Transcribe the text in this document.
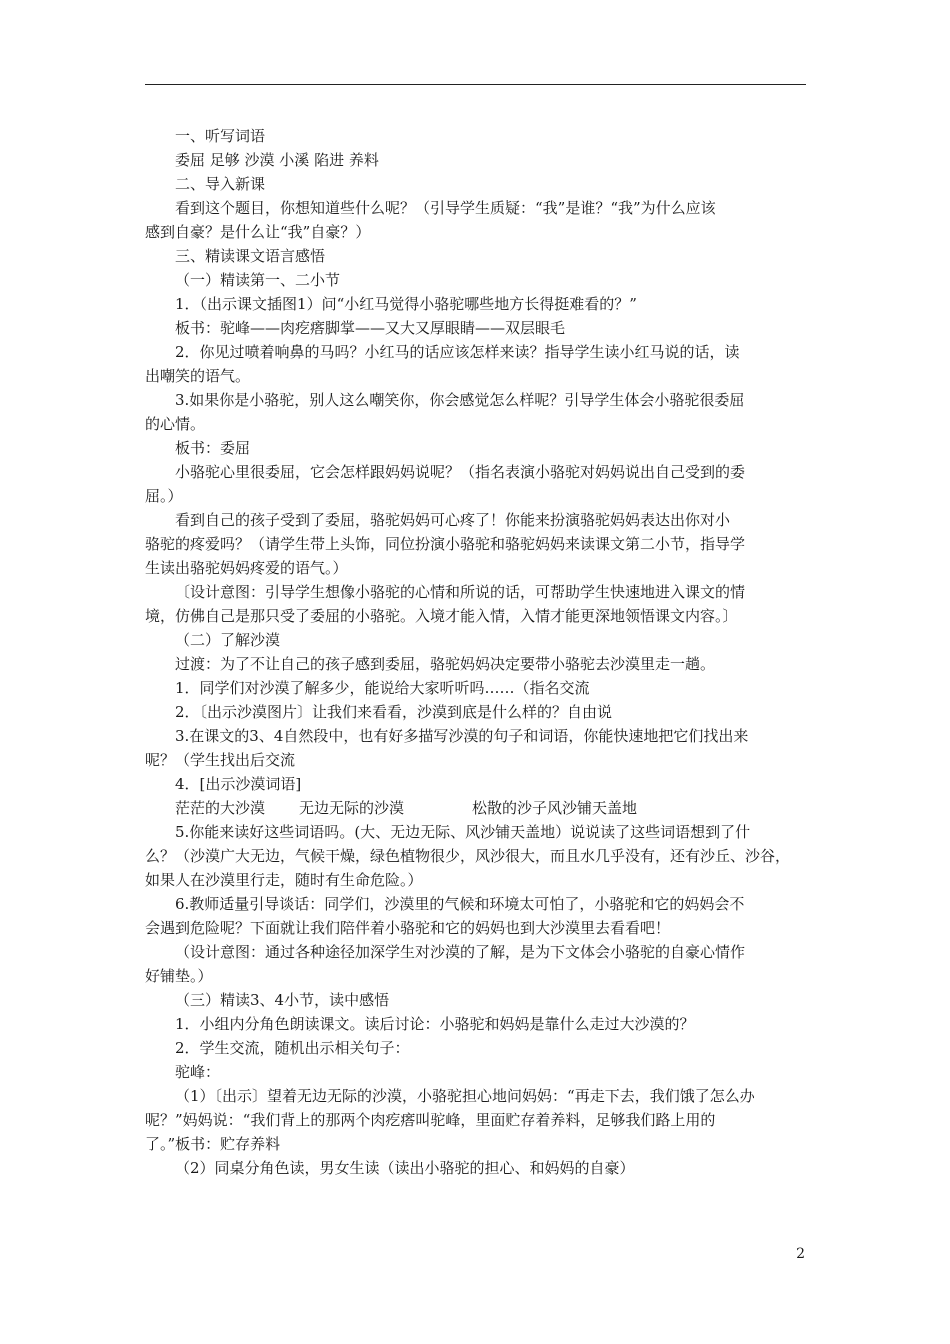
一、听写词语
委屈 足够 沙漠 小溪 陷进 养料
二、导入新课
看到这个题目，你想知道些什么呢？（引导学生质疑：“我”是谁？“我”为什么应该
感到自豪？是什么让“我”自豪？）
三、精读课文语言感悟
（一）精读第一、二小节
1．（出示课文插图1）问“小红马觉得小骆驼哪些地方长得挺难看的？”
板书：驼峰——肉疙瘩脚掌——又大又厚眼睛——双层眼毛
2．你见过喷着响鼻的马吗？小红马的话应该怎样来读？指导学生读小红马说的话，读
出嘲笑的语气。
3.如果你是小骆驼，别人这么嘲笑你，你会感觉怎么样呢？引导学生体会小骆驼很委屈
的心情。
板书：委屈
小骆驼心里很委屈，它会怎样跟妈妈说呢？（指名表演小骆驼对妈妈说出自己受到的委
屈。）
看到自己的孩子受到了委屈，骆驼妈妈可心疼了！你能来扮演骆驼妈妈表达出你对小
骆驼的疼爱吗？（请学生带上头饰，同位扮演小骆驼和骆驼妈妈来读课文第二小节，指导学
生读出骆驼妈妈疼爱的语气。）
〔设计意图：引导学生想像小骆驼的心情和所说的话，可帮助学生快速地进入课文的情
境，仿佛自己是那只受了委屈的小骆驼。入境才能入情，入情才能更深地领悟课文内容。〕
（二）了解沙漠
过渡：为了不让自己的孩子感到委屈，骆驼妈妈决定要带小骆驼去沙漠里走一趟。
1．同学们对沙漠了解多少，能说给大家听听吗……（指名交流
2．〔出示沙漠图片〕让我们来看看，沙漠到底是什么样的？自由说
3.在课文的3、4自然段中，也有好多描写沙漠的句子和词语，你能快速地把它们找出来
呢？（学生找出后交流
4．[出示沙漠词语]
茫茫的大沙漠 无边无际的沙漠	松散的沙子风沙铺天盖地
5.你能来读好这些词语吗。(大、无边无际、风沙铺天盖地）说说读了这些词语想到了什
么？（沙漠广大无边，气候干燥，绿色植物很少，风沙很大，而且水几乎没有，还有沙丘、沙谷，
如果人在沙漠里行走，随时有生命危险。）
6.教师适量引导谈话：同学们，沙漠里的气候和环境太可怕了，小骆驼和它的妈妈会不
会遇到危险呢？下面就让我们陪伴着小骆驼和它的妈妈也到大沙漠里去看看吧！
（设计意图：通过各种途径加深学生对沙漠的了解，是为下文体会小骆驼的自豪心情作
好铺垫。）
（三）精读3、4小节，读中感悟
1．小组内分角色朗读课文。读后讨论：小骆驼和妈妈是靠什么走过大沙漠的？
2．学生交流，随机出示相关句子：
驼峰：
（1）〔出示〕望着无边无际的沙漠，小骆驼担心地问妈妈：“再走下去，我们饿了怎么办
呢？”妈妈说：“我们背上的那两个肉疙瘩叫驼峰，里面贮存着养料，足够我们路上用的
了。”板书：贮存养料
（2）同桌分角色读，男女生读（读出小骆驼的担心、和妈妈的自豪）
2
